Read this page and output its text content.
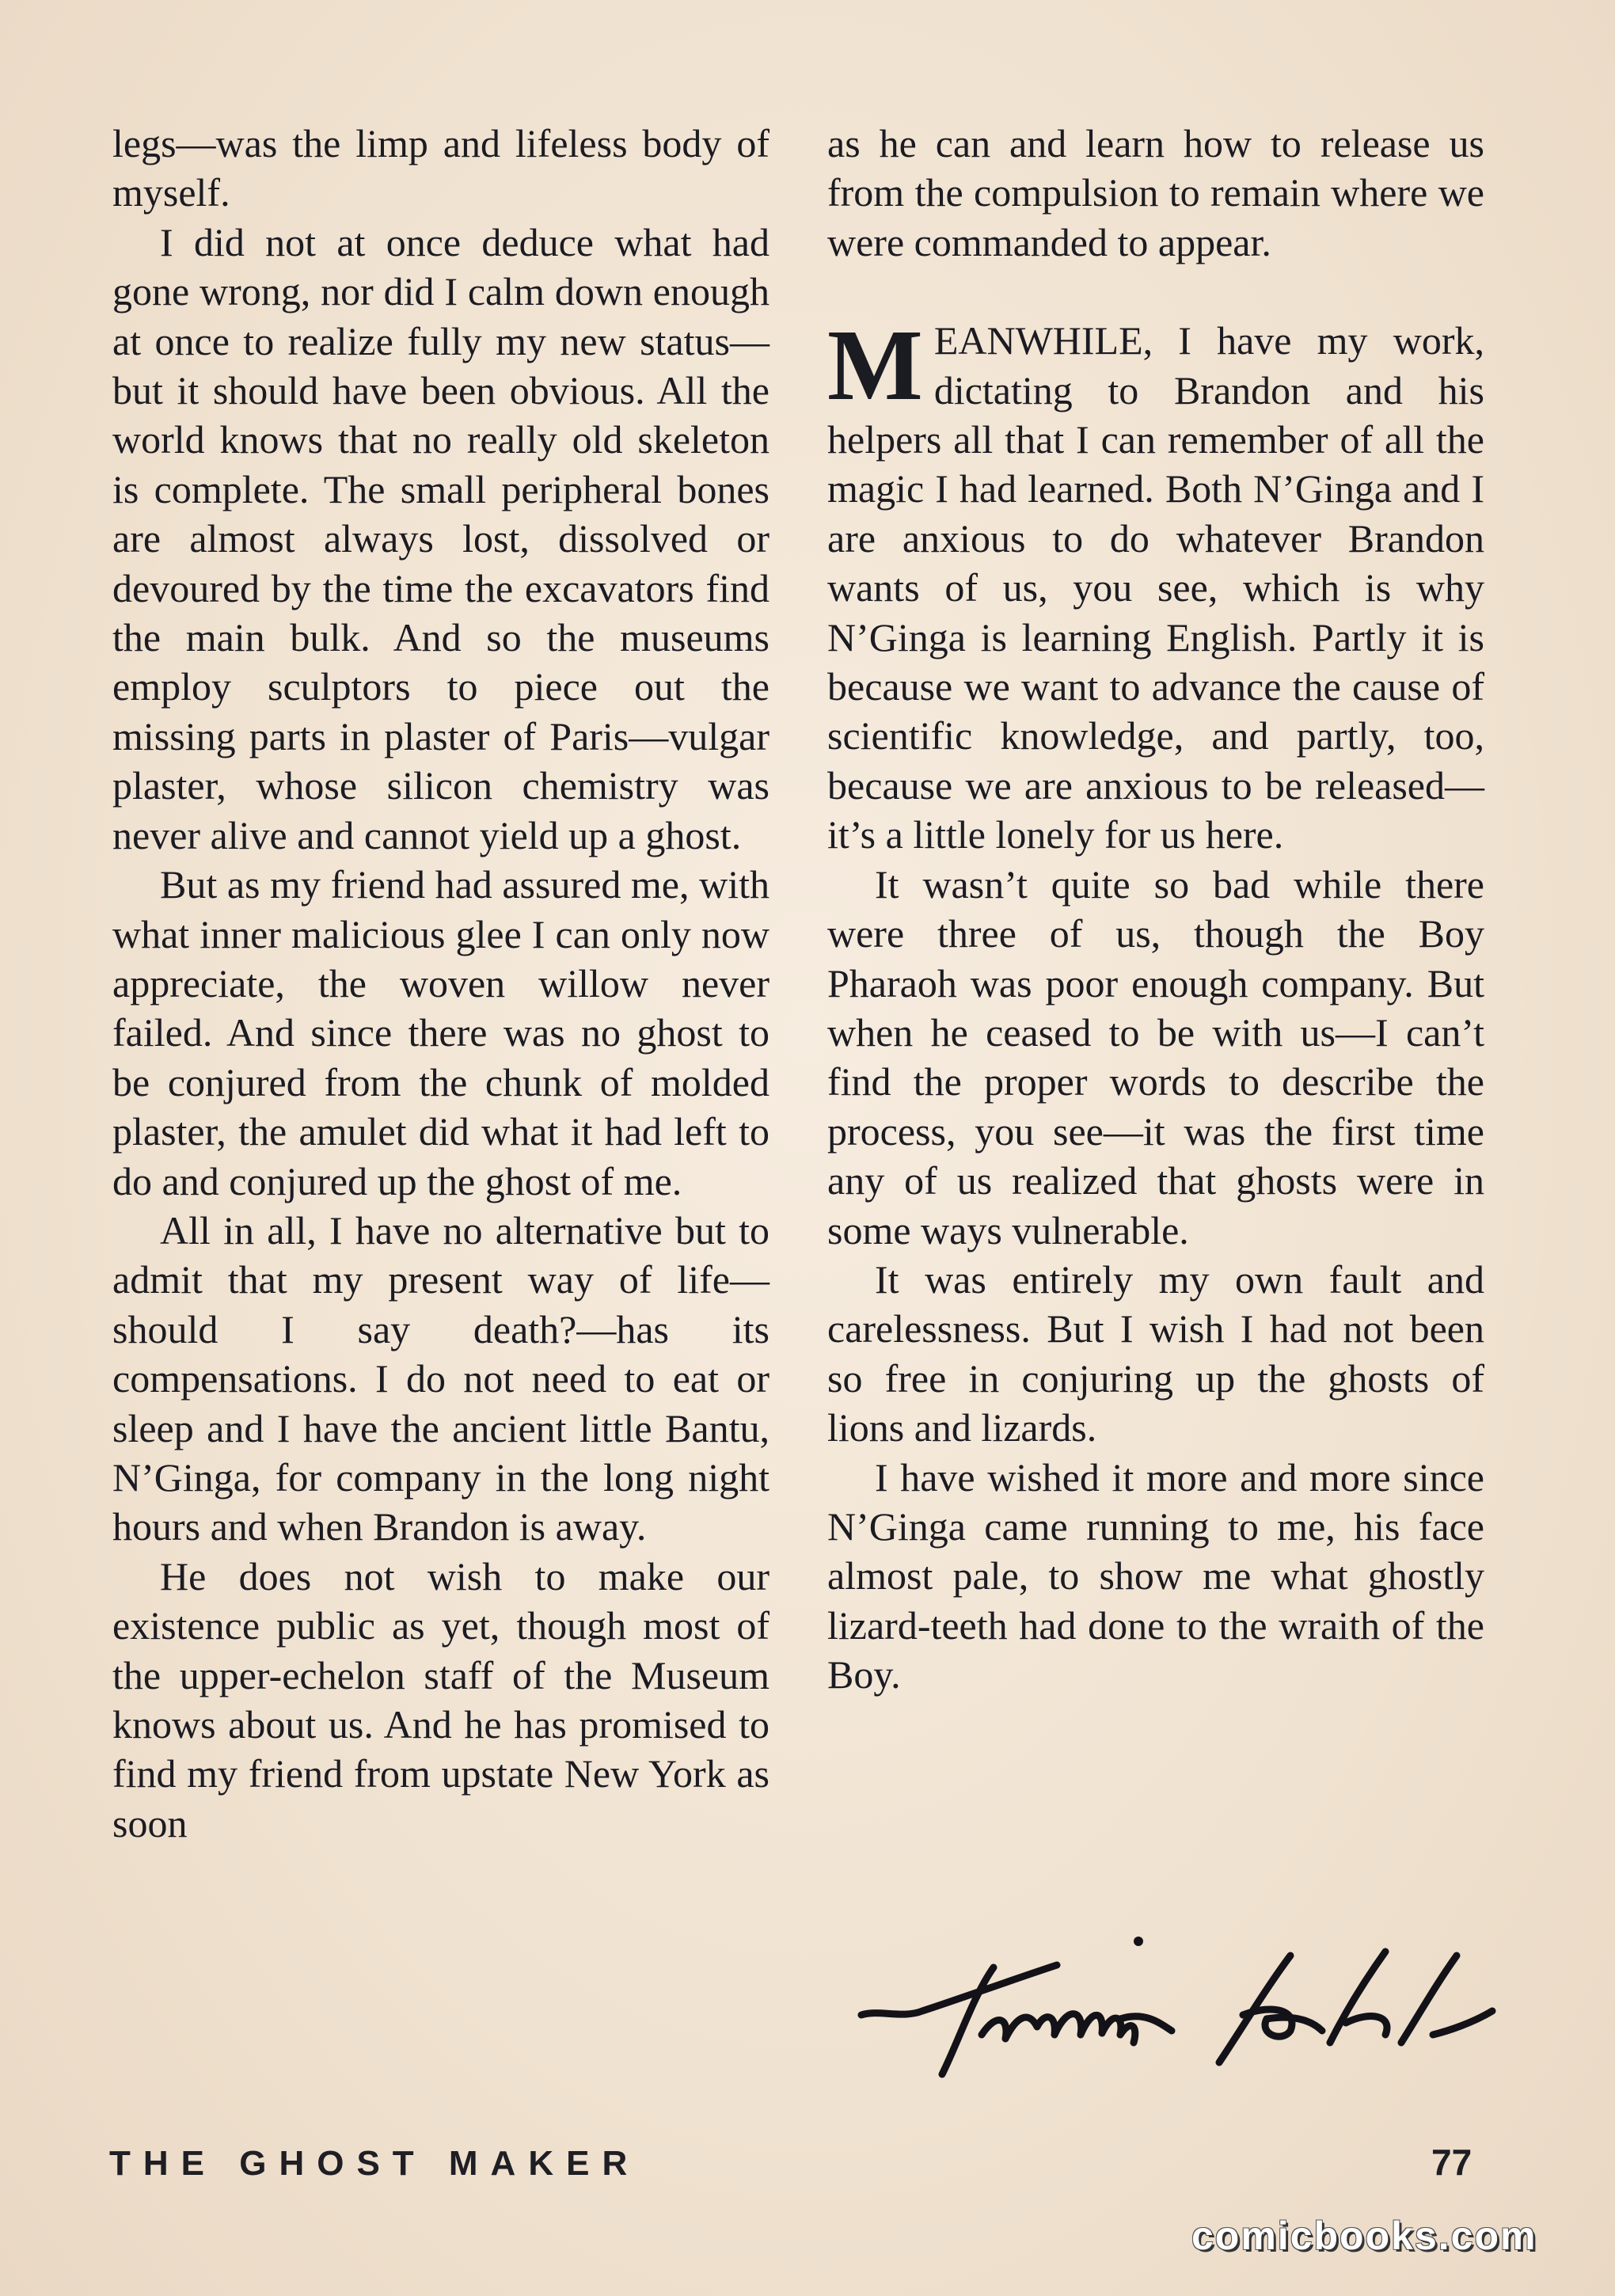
legs—was the limp and lifeless body of myself.

I did not at once deduce what had gone wrong, nor did I calm down enough at once to realize fully my new status—but it should have been obvious. All the world knows that no really old skeleton is complete. The small peripheral bones are almost always lost, dissolved or devoured by the time the excavators find the main bulk. And so the museums employ sculptors to piece out the missing parts in plaster of Paris—vulgar plaster, whose silicon chemistry was never alive and cannot yield up a ghost.

But as my friend had assured me, with what inner malicious glee I can only now appreciate, the woven willow never failed. And since there was no ghost to be conjured from the chunk of molded plaster, the amulet did what it had left to do and conjured up the ghost of me.

All in all, I have no alternative but to admit that my present way of life—should I say death?—has its compensations. I do not need to eat or sleep and I have the ancient little Bantu, N’Ginga, for company in the long night hours and when Brandon is away.

He does not wish to make our existence public as yet, though most of the upper-echelon staff of the Museum knows about us. And he has promised to find my friend from upstate New York as soon

as he can and learn how to release us from the compulsion to remain where we were commanded to appear.

MEANWHILE, I have my work, dictating to Brandon and his helpers all that I can remember of all the magic I had learned. Both N’Ginga and I are anxious to do whatever Brandon wants of us, you see, which is why N’Ginga is learning English. Partly it is because we want to advance the cause of scientific knowledge, and partly, too, because we are anxious to be released—it’s a little lonely for us here.

It wasn’t quite so bad while there were three of us, though the Boy Pharaoh was poor enough company. But when he ceased to be with us—I can’t find the proper words to describe the process, you see—it was the first time any of us realized that ghosts were in some ways vulnerable.

It was entirely my own fault and carelessness. But I wish I had not been so free in conjuring up the ghosts of lions and lizards.

I have wished it more and more since N’Ginga came running to me, his face almost pale, to show me what ghostly lizard-teeth had done to the wraith of the Boy.

THE GHOST MAKER	77
comicbooks.com
